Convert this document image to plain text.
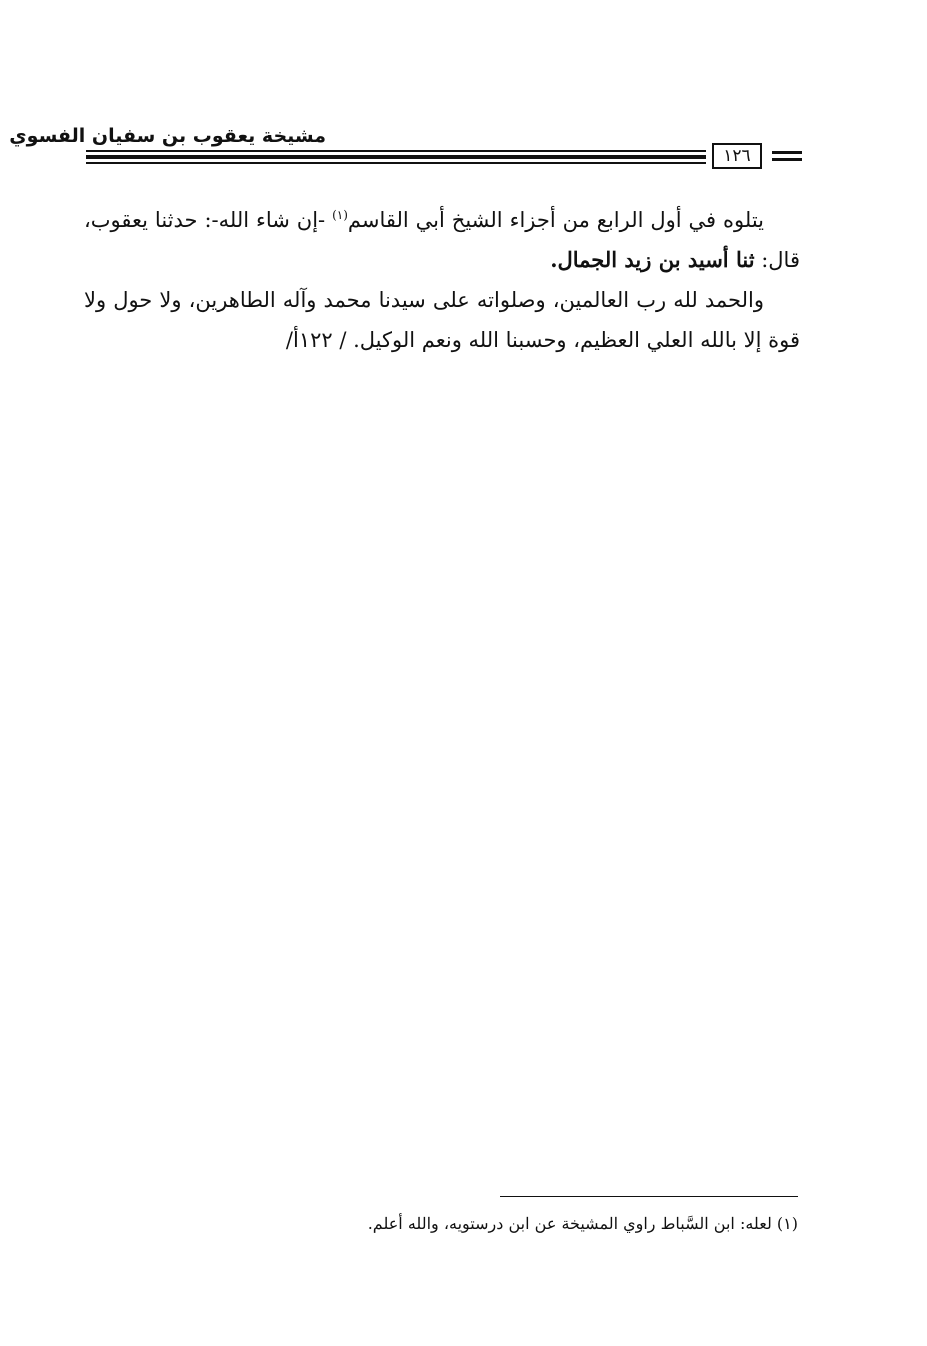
مشيخة يعقوب بن سفيان الفسوي
١٢٦

يتلوه في أول الرابع من أجزاء الشيخ أبي القاسم$^{(١)}$ -إن شاء الله-: حدثنا يعقوب، قال: ثنا أسيد بن زيد الجمال.

والحمد لله رب العالمين، وصلواته على سيدنا محمد وآله الطاهرين، ولا حول ولا قوة إلا بالله العلي العظيم، وحسبنا الله ونعم الوكيل. / ١٢٢أ/

(١) لعله: ابن السَّباط راوي المشيخة عن ابن درستويه، والله أعلم.
